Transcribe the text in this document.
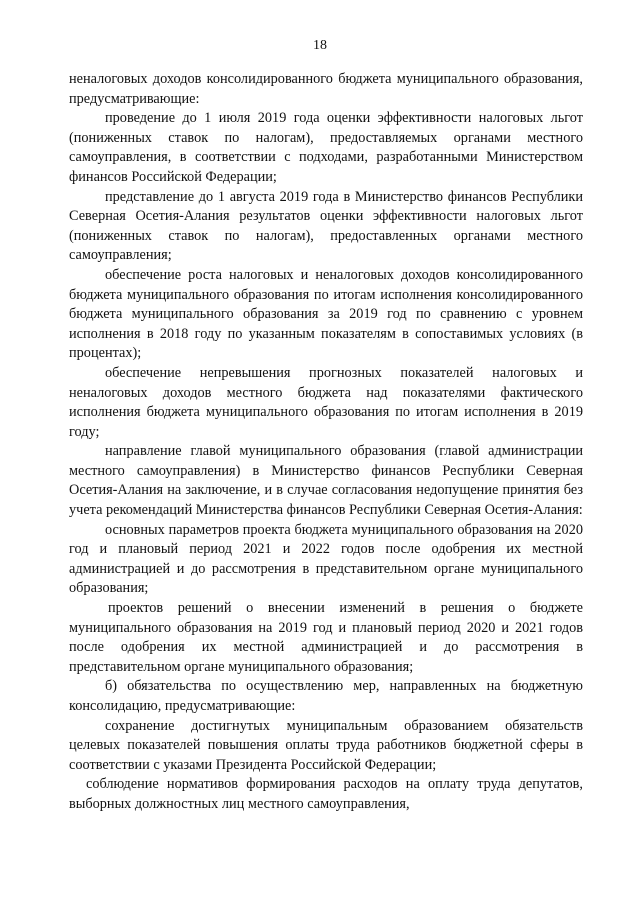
18

неналоговых доходов консолидированного бюджета муниципального образования, предусматривающие:

проведение до 1 июля 2019 года оценки эффективности налоговых льгот (пониженных ставок по налогам), предоставляемых органами местного самоуправления, в соответствии с подходами, разработанными Министерством финансов Российской Федерации;

представление до 1 августа 2019 года в Министерство финансов Республики Северная Осетия-Алания результатов оценки эффективности налоговых льгот (пониженных ставок по налогам), предоставленных органами местного самоуправления;

обеспечение роста налоговых и неналоговых доходов консолидированного бюджета муниципального образования по итогам исполнения консолидированного бюджета муниципального образования за 2019 год по сравнению с уровнем исполнения в 2018 году по указанным показателям в сопоставимых условиях (в процентах);

обеспечение непревышения прогнозных показателей налоговых и неналоговых доходов местного бюджета над показателями фактического исполнения бюджета муниципального образования по итогам исполнения в 2019 году;

направление главой муниципального образования (главой администрации местного самоуправления) в Министерство финансов Республики Северная Осетия-Алания на заключение, и в случае согласования недопущение принятия без учета рекомендаций Министерства финансов Республики Северная Осетия-Алания:

основных параметров проекта бюджета муниципального образования на 2020 год и плановый период 2021 и 2022 годов после одобрения их местной администрацией и до рассмотрения в представительном органе муниципального образования;

проектов решений о внесении изменений в решения о бюджете муниципального образования на 2019 год и плановый период 2020 и 2021 годов после одобрения их местной администрацией и до рассмотрения в представительном органе муниципального образования;

б) обязательства по осуществлению мер, направленных на бюджетную консолидацию, предусматривающие:

сохранение достигнутых муниципальным образованием обязательств целевых показателей повышения оплаты труда работников бюджетной сферы в соответствии с указами Президента Российской Федерации;

соблюдение нормативов формирования расходов на оплату труда депутатов, выборных должностных лиц местного самоуправления,
